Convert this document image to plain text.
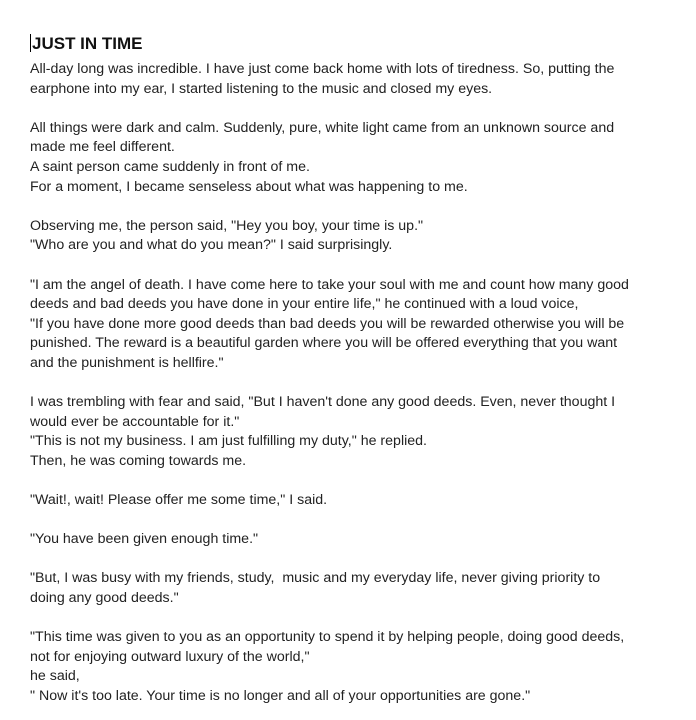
JUST IN TIME
All-day long was incredible. I have just come back home with lots of tiredness. So, putting the
earphone into my ear, I started listening to the music and closed my eyes.
All things were dark and calm. Suddenly, pure, white light came from an unknown source and
made me feel different.
A saint person came suddenly in front of me.
For a moment, I became senseless about what was happening to me.
Observing me, the person said, "Hey you boy, your time is up."
"Who are you and what do you mean?" I said surprisingly.
"I am the angel of death. I have come here to take your soul with me and count how many good
deeds and bad deeds you have done in your entire life," he continued with a loud voice,
"If you have done more good deeds than bad deeds you will be rewarded otherwise you will be
punished. The reward is a beautiful garden where you will be offered everything that you want
and the punishment is hellfire."
I was trembling with fear and said, "But I haven't done any good deeds. Even, never thought I
would ever be accountable for it."
"This is not my business. I am just fulfilling my duty," he replied.
Then, he was coming towards me.
"Wait!, wait! Please offer me some time," I said.
"You have been given enough time."
"But, I was busy with my friends, study,  music and my everyday life, never giving priority to
doing any good deeds."
"This time was given to you as an opportunity to spend it by helping people, doing good deeds,
not for enjoying outward luxury of the world,"
he said,
" Now it's too late. Your time is no longer and all of your opportunities are gone."
